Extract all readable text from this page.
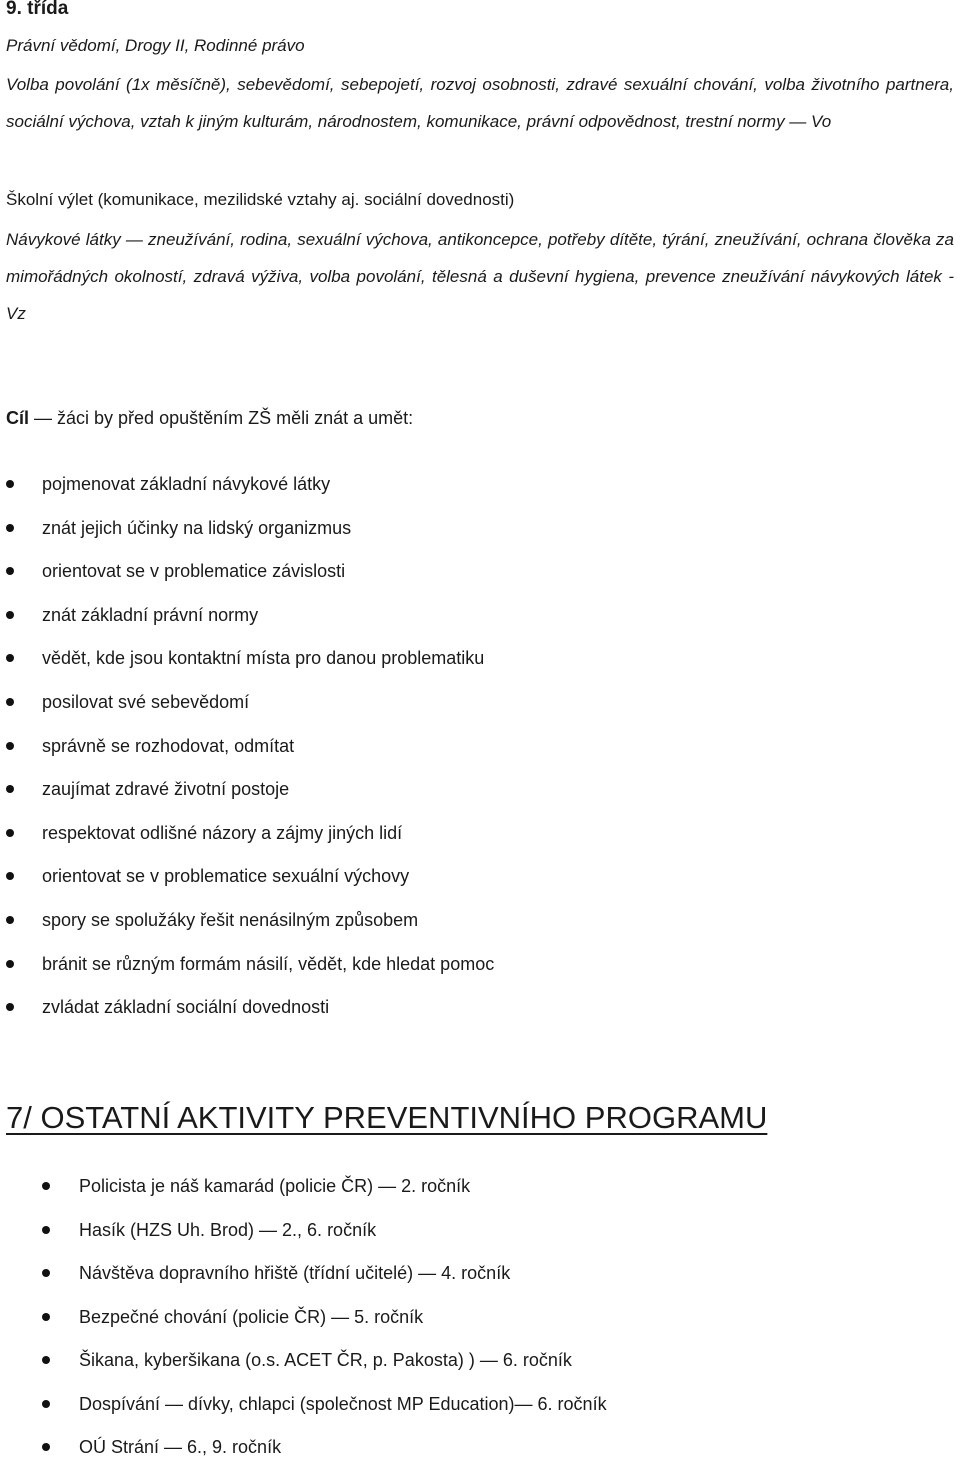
9. třída

Právní vědomí, Drogy II, Rodinné právo

Volba povolání (1x měsíčně), sebevědomí, sebepojetí, rozvoj osobnosti, zdravé sexuální chování, volba životního partnera, sociální výchova, vztah k jiným kulturám, národnostem, komunikace, právní odpovědnost, trestní normy — Vo

Školní výlet (komunikace, mezilidské vztahy aj. sociální dovednosti)

Návykové látky — zneužívání, rodina, sexuální výchova, antikoncepce, potřeby dítěte, týrání, zneužívání, ochrana člověka za mimořádných okolností, zdravá výživa, volba povolání, tělesná a duševní hygiena, prevence zneužívání návykových látek - Vz

Cíl — žáci by před opuštěním ZŠ měli znát a umět:

pojmenovat základní návykové látky
znát jejich účinky na lidský organizmus
orientovat se v problematice závislosti
znát základní právní normy
vědět, kde jsou kontaktní místa pro danou problematiku
posilovat své sebevědomí
správně se rozhodovat, odmítat
zaujímat zdravé životní postoje
respektovat odlišné názory a zájmy jiných lidí
orientovat se v problematice sexuální výchovy
spory se spolužáky řešit nenásilným způsobem
bránit se různým formám násilí, vědět, kde hledat pomoc
zvládat základní sociální dovednosti
7/ OSTATNÍ AKTIVITY PREVENTIVNÍHO PROGRAMU
Policista je náš kamarád (policie ČR) — 2. ročník
Hasík (HZS Uh. Brod) — 2., 6. ročník
Návštěva dopravního hřiště (třídní učitelé) — 4. ročník
Bezpečné chování (policie ČR) — 5. ročník
Šikana, kyberšikana (o.s. ACET ČR, p. Pakosta) ) — 6. ročník
Dospívání — dívky, chlapci (společnost MP Education)— 6. ročník
OÚ Strání — 6., 9. ročník
